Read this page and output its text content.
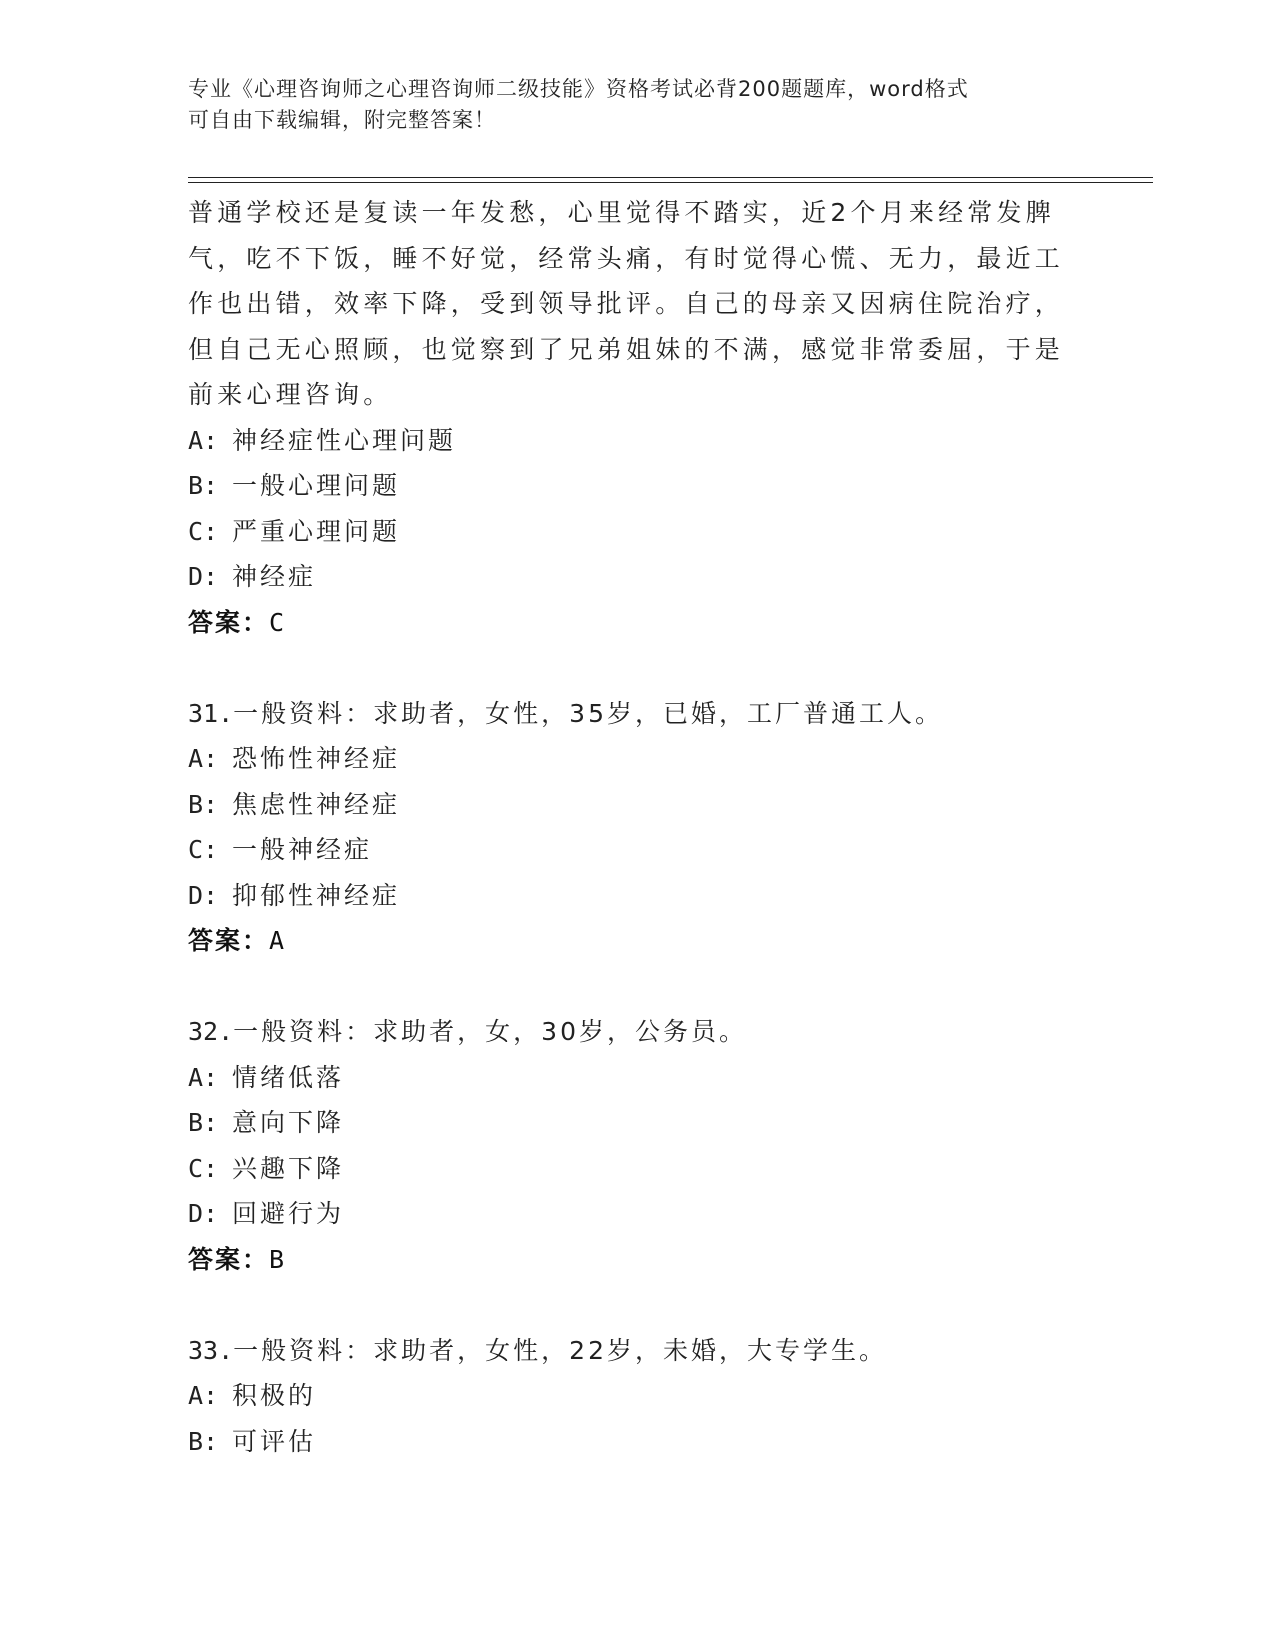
专业《心理咨询师之心理咨询师二级技能》资格考试必背200题题库，word格式
可自由下载编辑，附完整答案！
普通学校还是复读一年发愁，心里觉得不踏实，近2个月来经常发脾
气，吃不下饭，睡不好觉，经常头痛，有时觉得心慌、无力，最近工
作也出错，效率下降，受到领导批评。自己的母亲又因病住院治疗，
但自己无心照顾，也觉察到了兄弟姐妹的不满，感觉非常委屈，于是
前来心理咨询。
A: 神经症性心理问题
B: 一般心理问题
C: 严重心理问题
D: 神经症
答案：C
31.一般资料：求助者，女性，35岁，已婚，工厂普通工人。
A: 恐怖性神经症
B: 焦虑性神经症
C: 一般神经症
D: 抑郁性神经症
答案：A
32.一般资料：求助者，女，30岁，公务员。
A: 情绪低落
B: 意向下降
C: 兴趣下降
D: 回避行为
答案：B
33.一般资料：求助者，女性，22岁，未婚，大专学生。
A: 积极的
B: 可评估
